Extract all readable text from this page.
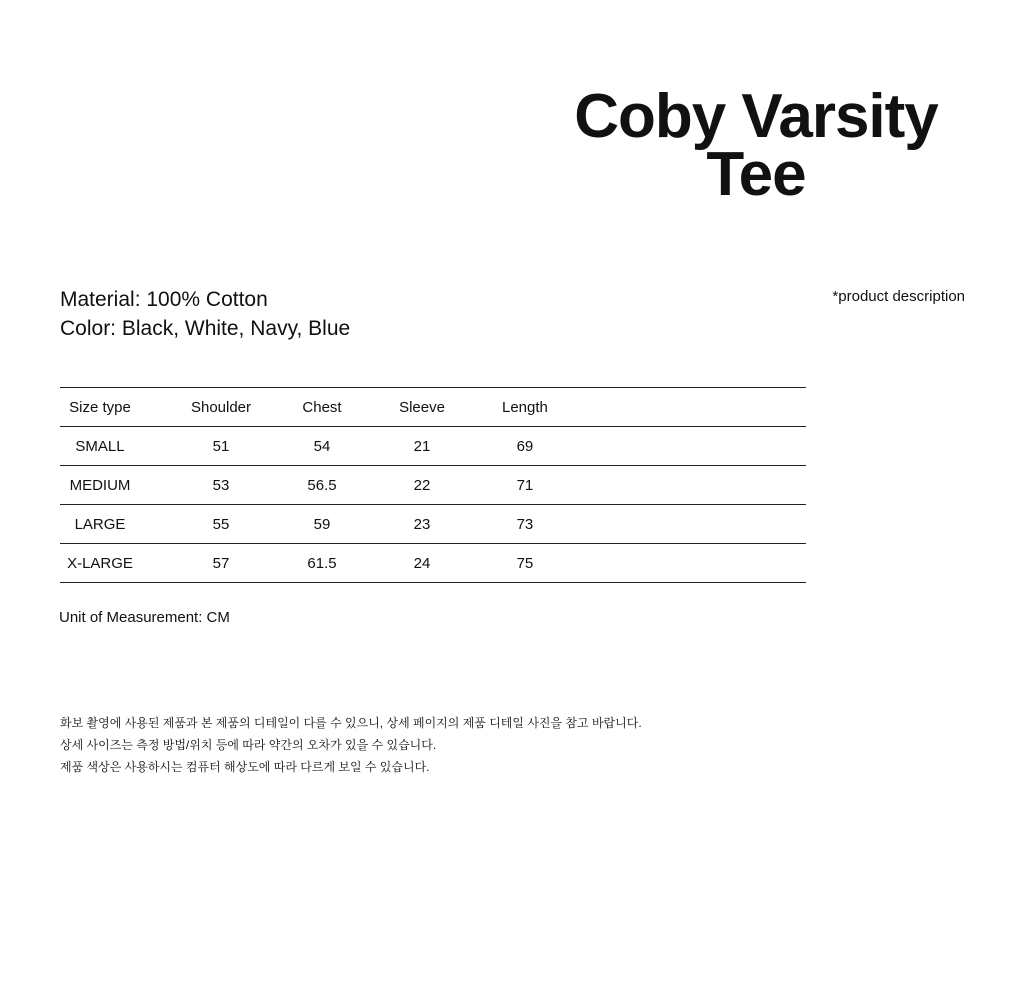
Coby Varsity
Tee

Material: 100% Cotton

Color: Black, White, Navy, Blue

*product description

Size type	Shoulder	Chest	Sleeve	Length	
SMALL	51	54	21	69	
MEDIUM	53	56.5	22	71	
LARGE	55	59	23	73	
X-LARGE	57	61.5	24	75	

Unit of Measurement: CM

화보 촬영에 사용된 제품과 본 제품의 디테일이 다를 수 있으니, 상세 페이지의 제품 디테일 사진을 참고 바랍니다.

상세 사이즈는 측정 방법/위치 등에 따라 약간의 오차가 있을 수 있습니다.

제품 색상은 사용하시는 컴퓨터 해상도에 따라 다르게 보일 수 있습니다.
